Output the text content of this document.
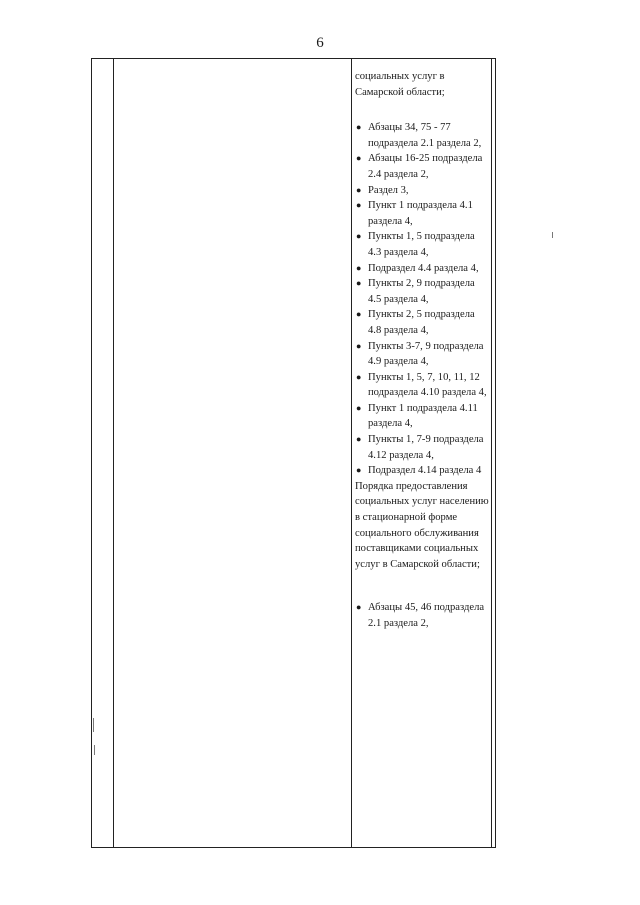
6

социальных услуг в Самарской области;

● Абзацы 34, 75 - 77 подраздела 2.1 раздела 2,
● Абзацы 16-25 подраздела 2.4 раздела 2,
● Раздел 3,
● Пункт 1 подраздела 4.1 раздела 4,
● Пункты 1, 5 подраздела 4.3 раздела 4,
● Подраздел 4.4 раздела 4,
● Пункты 2, 9 подраздела 4.5 раздела 4,
● Пункты 2, 5 подраздела 4.8 раздела 4,
● Пункты 3-7, 9 подраздела 4.9 раздела 4,
● Пункты 1, 5, 7, 10, 11, 12 подраздела 4.10 раздела 4,
● Пункт 1 подраздела 4.11 раздела 4,
● Пункты 1, 7-9 подраздела 4.12 раздела 4,
● Подраздел 4.14 раздела 4

Порядка предоставления социальных услуг населению в стационарной форме социального обслуживания поставщиками социальных услуг в Самарской области;

● Абзацы 45, 46 подраздела 2.1 раздела 2,
